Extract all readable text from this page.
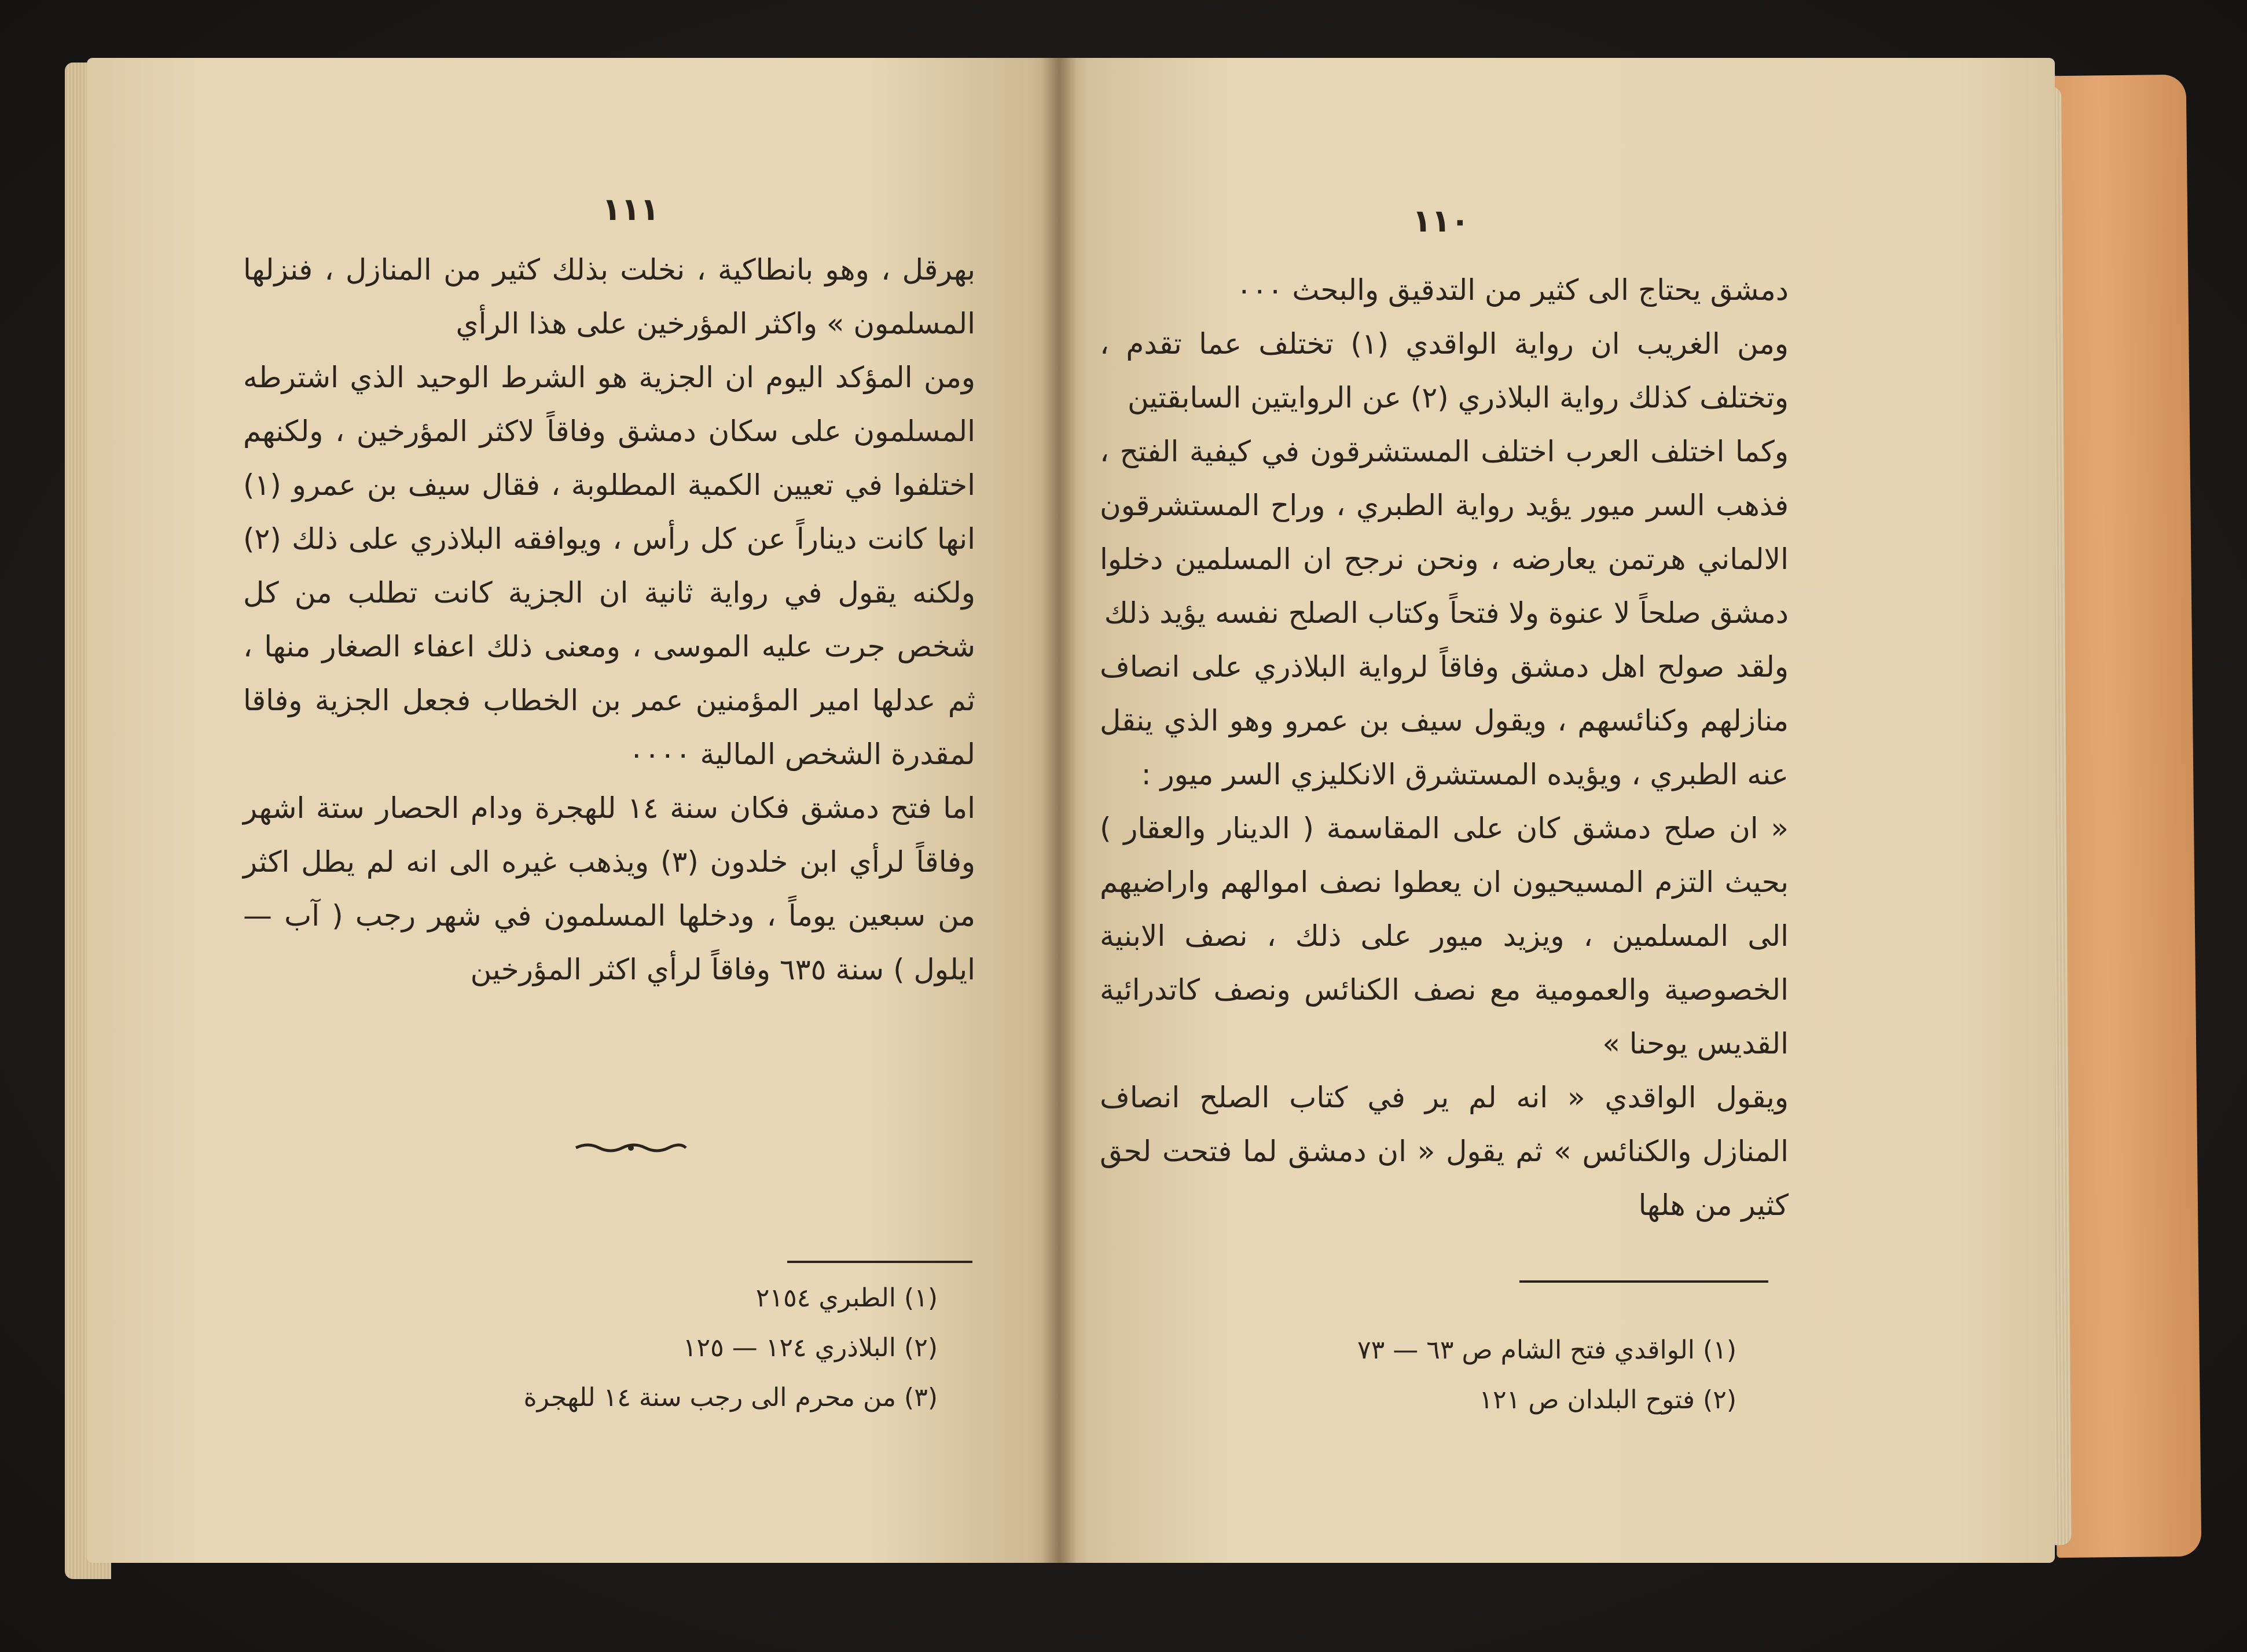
١١١

بهرقل ، وهو بانطاكية ، نخلت بذلك كثير من المنازل ، فنزلها المسلمون » واكثر المؤرخين على هذا الرأي

ومن المؤكد اليوم ان الجزية هو الشرط الوحيد الذي اشترطه المسلمون على سكان دمشق وفاقاً لاكثر المؤرخين ، ولكنهم اختلفوا في تعيين الكمية المطلوبة ، فقال سيف بن عمرو (١) انها كانت ديناراً عن كل رأس ، ويوافقه البلاذري على ذلك (٢) ولكنه يقول في رواية ثانية ان الجزية كانت تطلب من كل شخص جرت عليه الموسى ، ومعنى ذلك اعفاء الصغار منها ، ثم عدلها امير المؤمنين عمر بن الخطاب فجعل الجزية وفاقا لمقدرة الشخص المالية ٠٠٠٠

اما فتح دمشق فكان سنة ١٤ للهجرة ودام الحصار ستة اشهر وفاقاً لرأي ابن خلدون (٣) ويذهب غيره الى انه لم يطل اكثر من سبعين يوماً ، ودخلها المسلمون في شهر رجب ( آب — ايلول ) سنة ٦٣٥ وفاقاً لرأي اكثر المؤرخين

(١) الطبري ٢١٥٤
(٢) البلاذري ١٢٤ — ١٢٥
(٣) من محرم الى رجب سنة ١٤ للهجرة
١١٠

دمشق يحتاج الى كثير من التدقيق والبحث ٠٠٠

ومن الغريب ان رواية الواقدي (١) تختلف عما تقدم ، وتختلف كذلك رواية البلاذري (٢) عن الروايتين السابقتين

وكما اختلف العرب اختلف المستشرقون في كيفية الفتح ، فذهب السر ميور يؤيد رواية الطبري ، وراح المستشرقون الالماني هرتمن يعارضه ، ونحن نرجح ان المسلمين دخلوا دمشق صلحاً لا عنوة ولا فتحاً وكتاب الصلح نفسه يؤيد ذلك

ولقد صولح اهل دمشق وفاقاً لرواية البلاذري على انصاف منازلهم وكنائسهم ، ويقول سيف بن عمرو وهو الذي ينقل عنه الطبري ، ويؤيده المستشرق الانكليزي السر ميور :

« ان صلح دمشق كان على المقاسمة ( الدينار والعقار ) بحيث التزم المسيحيون ان يعطوا نصف اموالهم واراضيهم الى المسلمين ، ويزيد ميور على ذلك ، نصف الابنية الخصوصية والعمومية مع نصف الكنائس ونصف كاتدرائية القديس يوحنا »

ويقول الواقدي « انه لم ير في كتاب الصلح انصاف المنازل والكنائس » ثم يقول « ان دمشق لما فتحت لحق كثير من هلها

(١) الواقدي فتح الشام ص ٦٣ — ٧٣
(٢) فتوح البلدان ص ١٢١
